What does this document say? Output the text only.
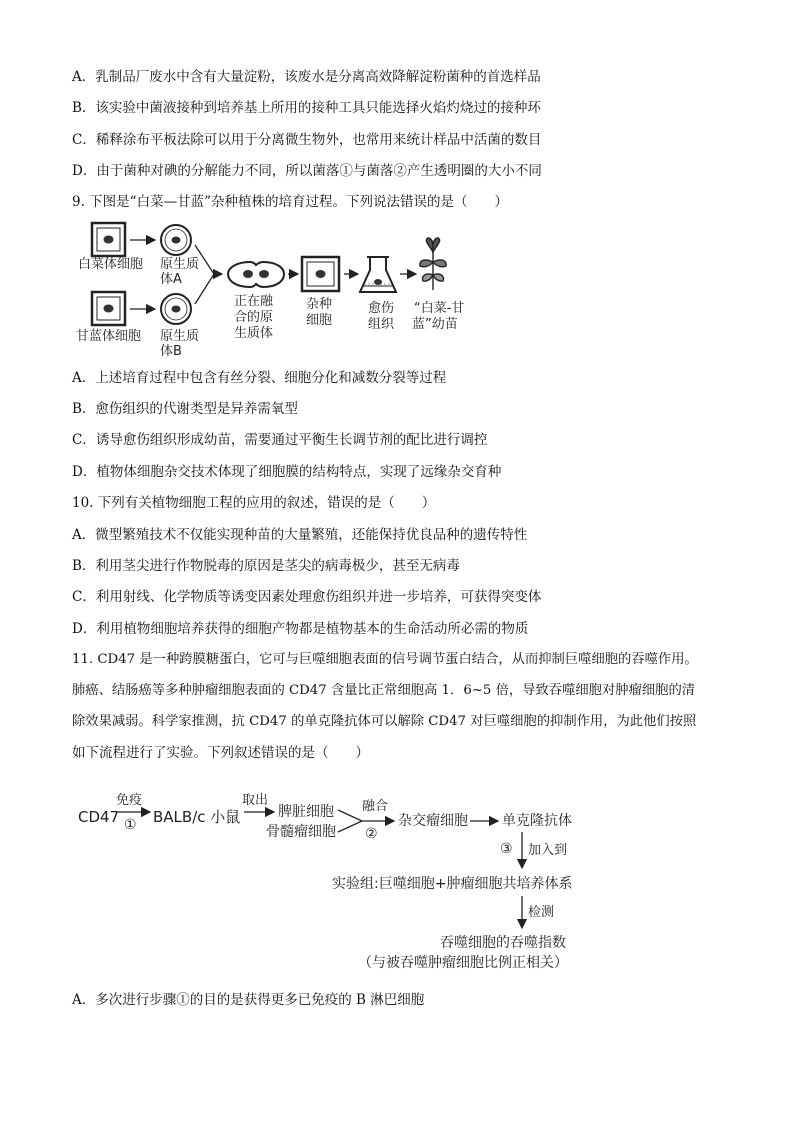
A．乳制品厂废水中含有大量淀粉，该废水是分离高效降解淀粉菌种的首选样品
B．该实验中菌液接种到培养基上所用的接种工具只能选择火焰灼烧过的接种环
C．稀释涂布平板法除可以用于分离微生物外，也常用来统计样品中活菌的数目
D．由于菌种对碘的分解能力不同，所以菌落①与菌落②产生透明圈的大小不同
9. 下图是“白菜—甘蓝”杂种植株的培育过程。下列说法错误的是（　　）
白菜体细胞 原生质
体A
甘蓝体细胞 原生质
体B
正在融
合的原
生质体
杂种
细胞
愈伤
组织
“白菜-甘
蓝”幼苗
A．上述培育过程中包含有丝分裂、细胞分化和减数分裂等过程
B．愈伤组织的代谢类型是异养需氧型
C．诱导愈伤组织形成幼苗，需要通过平衡生长调节剂的配比进行调控
D．植物体细胞杂交技术体现了细胞膜的结构特点，实现了远缘杂交育种
10. 下列有关植物细胞工程的应用的叙述，错误的是（　　）
A．微型繁殖技术不仅能实现种苗的大量繁殖，还能保持优良品种的遗传特性
B．利用茎尖进行作物脱毒的原因是茎尖的病毒极少，甚至无病毒
C．利用射线、化学物质等诱变因素处理愈伤组织并进一步培养，可获得突变体
D．利用植物细胞培养获得的细胞产物都是植物基本的生命活动所必需的物质
11. CD47 是一种跨膜糖蛋白，它可与巨噬细胞表面的信号调节蛋白结合，从而抑制巨噬细胞的吞噬作用。
肺癌、结肠癌等多种肿瘤细胞表面的 CD47 含量比正常细胞高 1．6~5 倍，导致吞噬细胞对肿瘤细胞的清
除效果减弱。科学家推测，抗 CD47 的单克隆抗体可以解除 CD47 对巨噬细胞的抑制作用，为此他们按照
如下流程进行了实验。下列叙述错误的是（　　）
CD47
免疫
① BALB/c 小鼠
取出
脾脏细胞
骨髓瘤细胞
融合
②
杂交瘤细胞 单克隆抗体
③ 加入到
实验组:巨噬细胞+肿瘤细胞共培养体系
检测
吞噬细胞的吞噬指数
（与被吞噬肿瘤细胞比例正相关）
A．多次进行步骤①的目的是获得更多已免疫的 B 淋巴细胞
